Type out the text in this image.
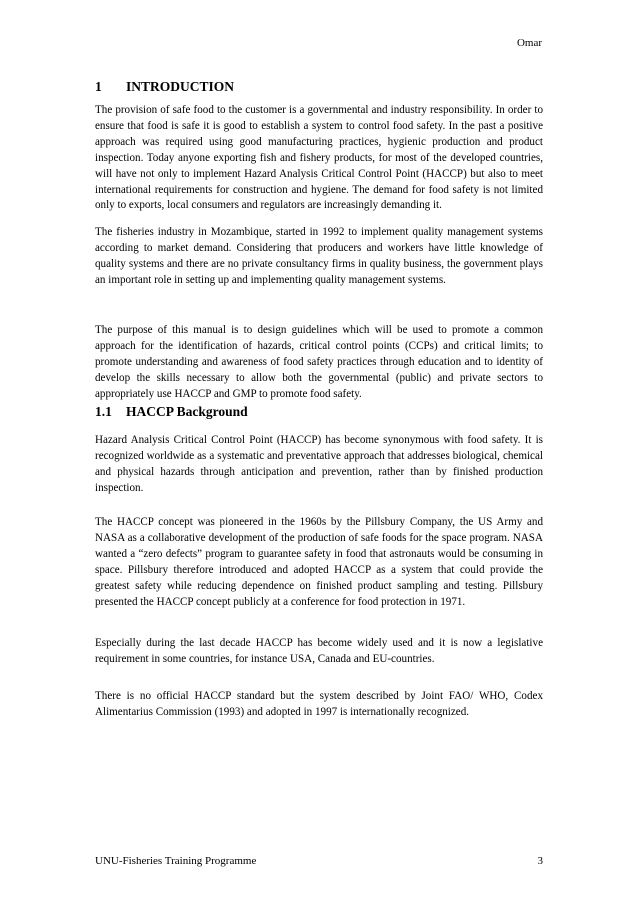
Omar
1 INTRODUCTION

The provision of safe food to the customer is a governmental and industry responsibility. In order to ensure that food is safe it is good to establish a system to control food safety. In the past a positive approach was required using good manufacturing practices, hygienic production and product inspection. Today anyone exporting fish and fishery products, for most of the developed countries, will have not only to implement Hazard Analysis Critical Control Point (HACCP) but also to meet international requirements for construction and hygiene. The demand for food safety is not limited only to exports, local consumers and regulators are increasingly demanding it.

The fisheries industry in Mozambique, started in 1992 to implement quality management systems according to market demand. Considering that producers and workers have little knowledge of quality systems and there are no private consultancy firms in quality business, the government plays an important role in setting up and implementing quality management systems.

The purpose of this manual is to design guidelines which will be used to promote a common approach for the identification of hazards, critical control points (CCPs) and critical limits; to promote understanding and awareness of food safety practices through education and to identity of develop the skills necessary to allow both the governmental (public) and private sectors to appropriately use HACCP and GMP to promote food safety.

1.1 HACCP Background

Hazard Analysis Critical Control Point (HACCP) has become synonymous with food safety. It is recognized worldwide as a systematic and preventative approach that addresses biological, chemical and physical hazards through anticipation and prevention, rather than by finished production inspection.

The HACCP concept was pioneered in the 1960s by the Pillsbury Company, the US Army and NASA as a collaborative development of the production of safe foods for the space program. NASA wanted a “zero defects” program to guarantee safety in food that astronauts would be consuming in space. Pillsbury therefore introduced and adopted HACCP as a system that could provide the greatest safety while reducing dependence on finished product sampling and testing. Pillsbury presented the HACCP concept publicly at a conference for food protection in 1971.

Especially during the last decade HACCP has become widely used and it is now a legislative requirement in some countries, for instance USA, Canada and EU-countries.

There is no official HACCP standard but the system described by Joint FAO/ WHO, Codex Alimentarius Commission (1993) and adopted in 1997 is internationally recognized.

UNU-Fisheries Training Programme	3
